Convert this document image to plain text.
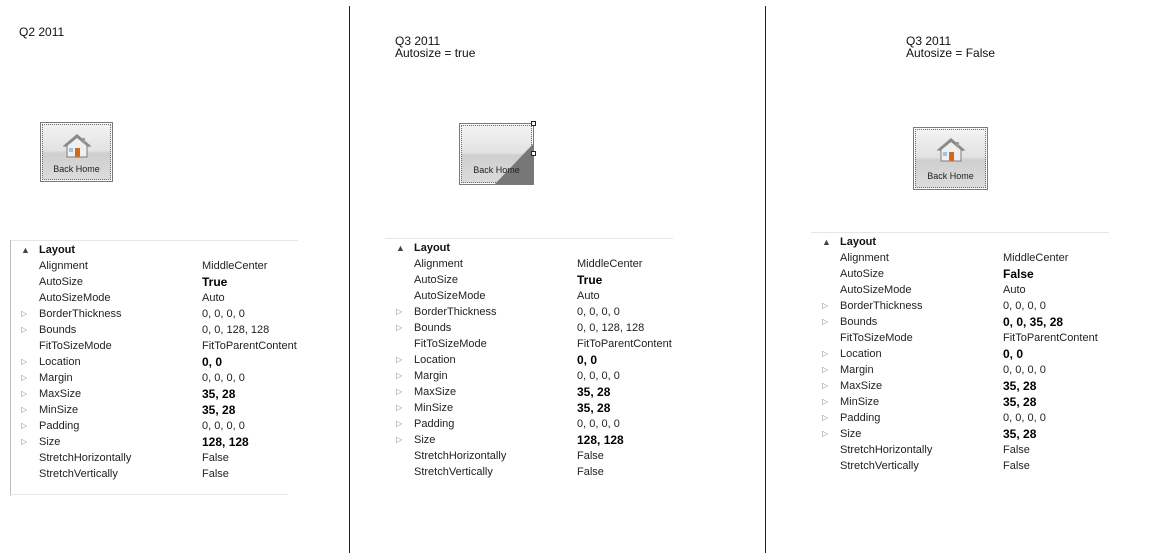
Q2 2011
Back Home
▲ Layout
Alignment	MiddleCenter
AutoSize	True
AutoSizeMode	Auto
▷ BorderThickness	0, 0, 0, 0
▷ Bounds	0, 0, 128, 128
FitToSizeMode	FitToParentContent
▷ Location	0, 0
▷ Margin	0, 0, 0, 0
▷ MaxSize	35, 28
▷ MinSize	35, 28
▷ Padding	0, 0, 0, 0
▷ Size	128, 128
StretchHorizontally	False
StretchVertically	False
Q3 2011
Autosize = true
Back Home
▲ Layout
Alignment	MiddleCenter
AutoSize	True
AutoSizeMode	Auto
▷ BorderThickness	0, 0, 0, 0
▷ Bounds	0, 0, 128, 128
FitToSizeMode	FitToParentContent
▷ Location	0, 0
▷ Margin	0, 0, 0, 0
▷ MaxSize	35, 28
▷ MinSize	35, 28
▷ Padding	0, 0, 0, 0
▷ Size	128, 128
StretchHorizontally	False
StretchVertically	False
Q3 2011
Autosize = False
Back Home

▲ Layout
Alignment	MiddleCenter
AutoSize	False
AutoSizeMode	Auto
▷ BorderThickness	0, 0, 0, 0
▷ Bounds	0, 0, 35, 28
FitToSizeMode	FitToParentContent
▷ Location	0, 0
▷ Margin	0, 0, 0, 0
▷ MaxSize	35, 28
▷ MinSize	35, 28
▷ Padding	0, 0, 0, 0
▷ Size	35, 28
StretchHorizontally	False
StretchVertically	False
